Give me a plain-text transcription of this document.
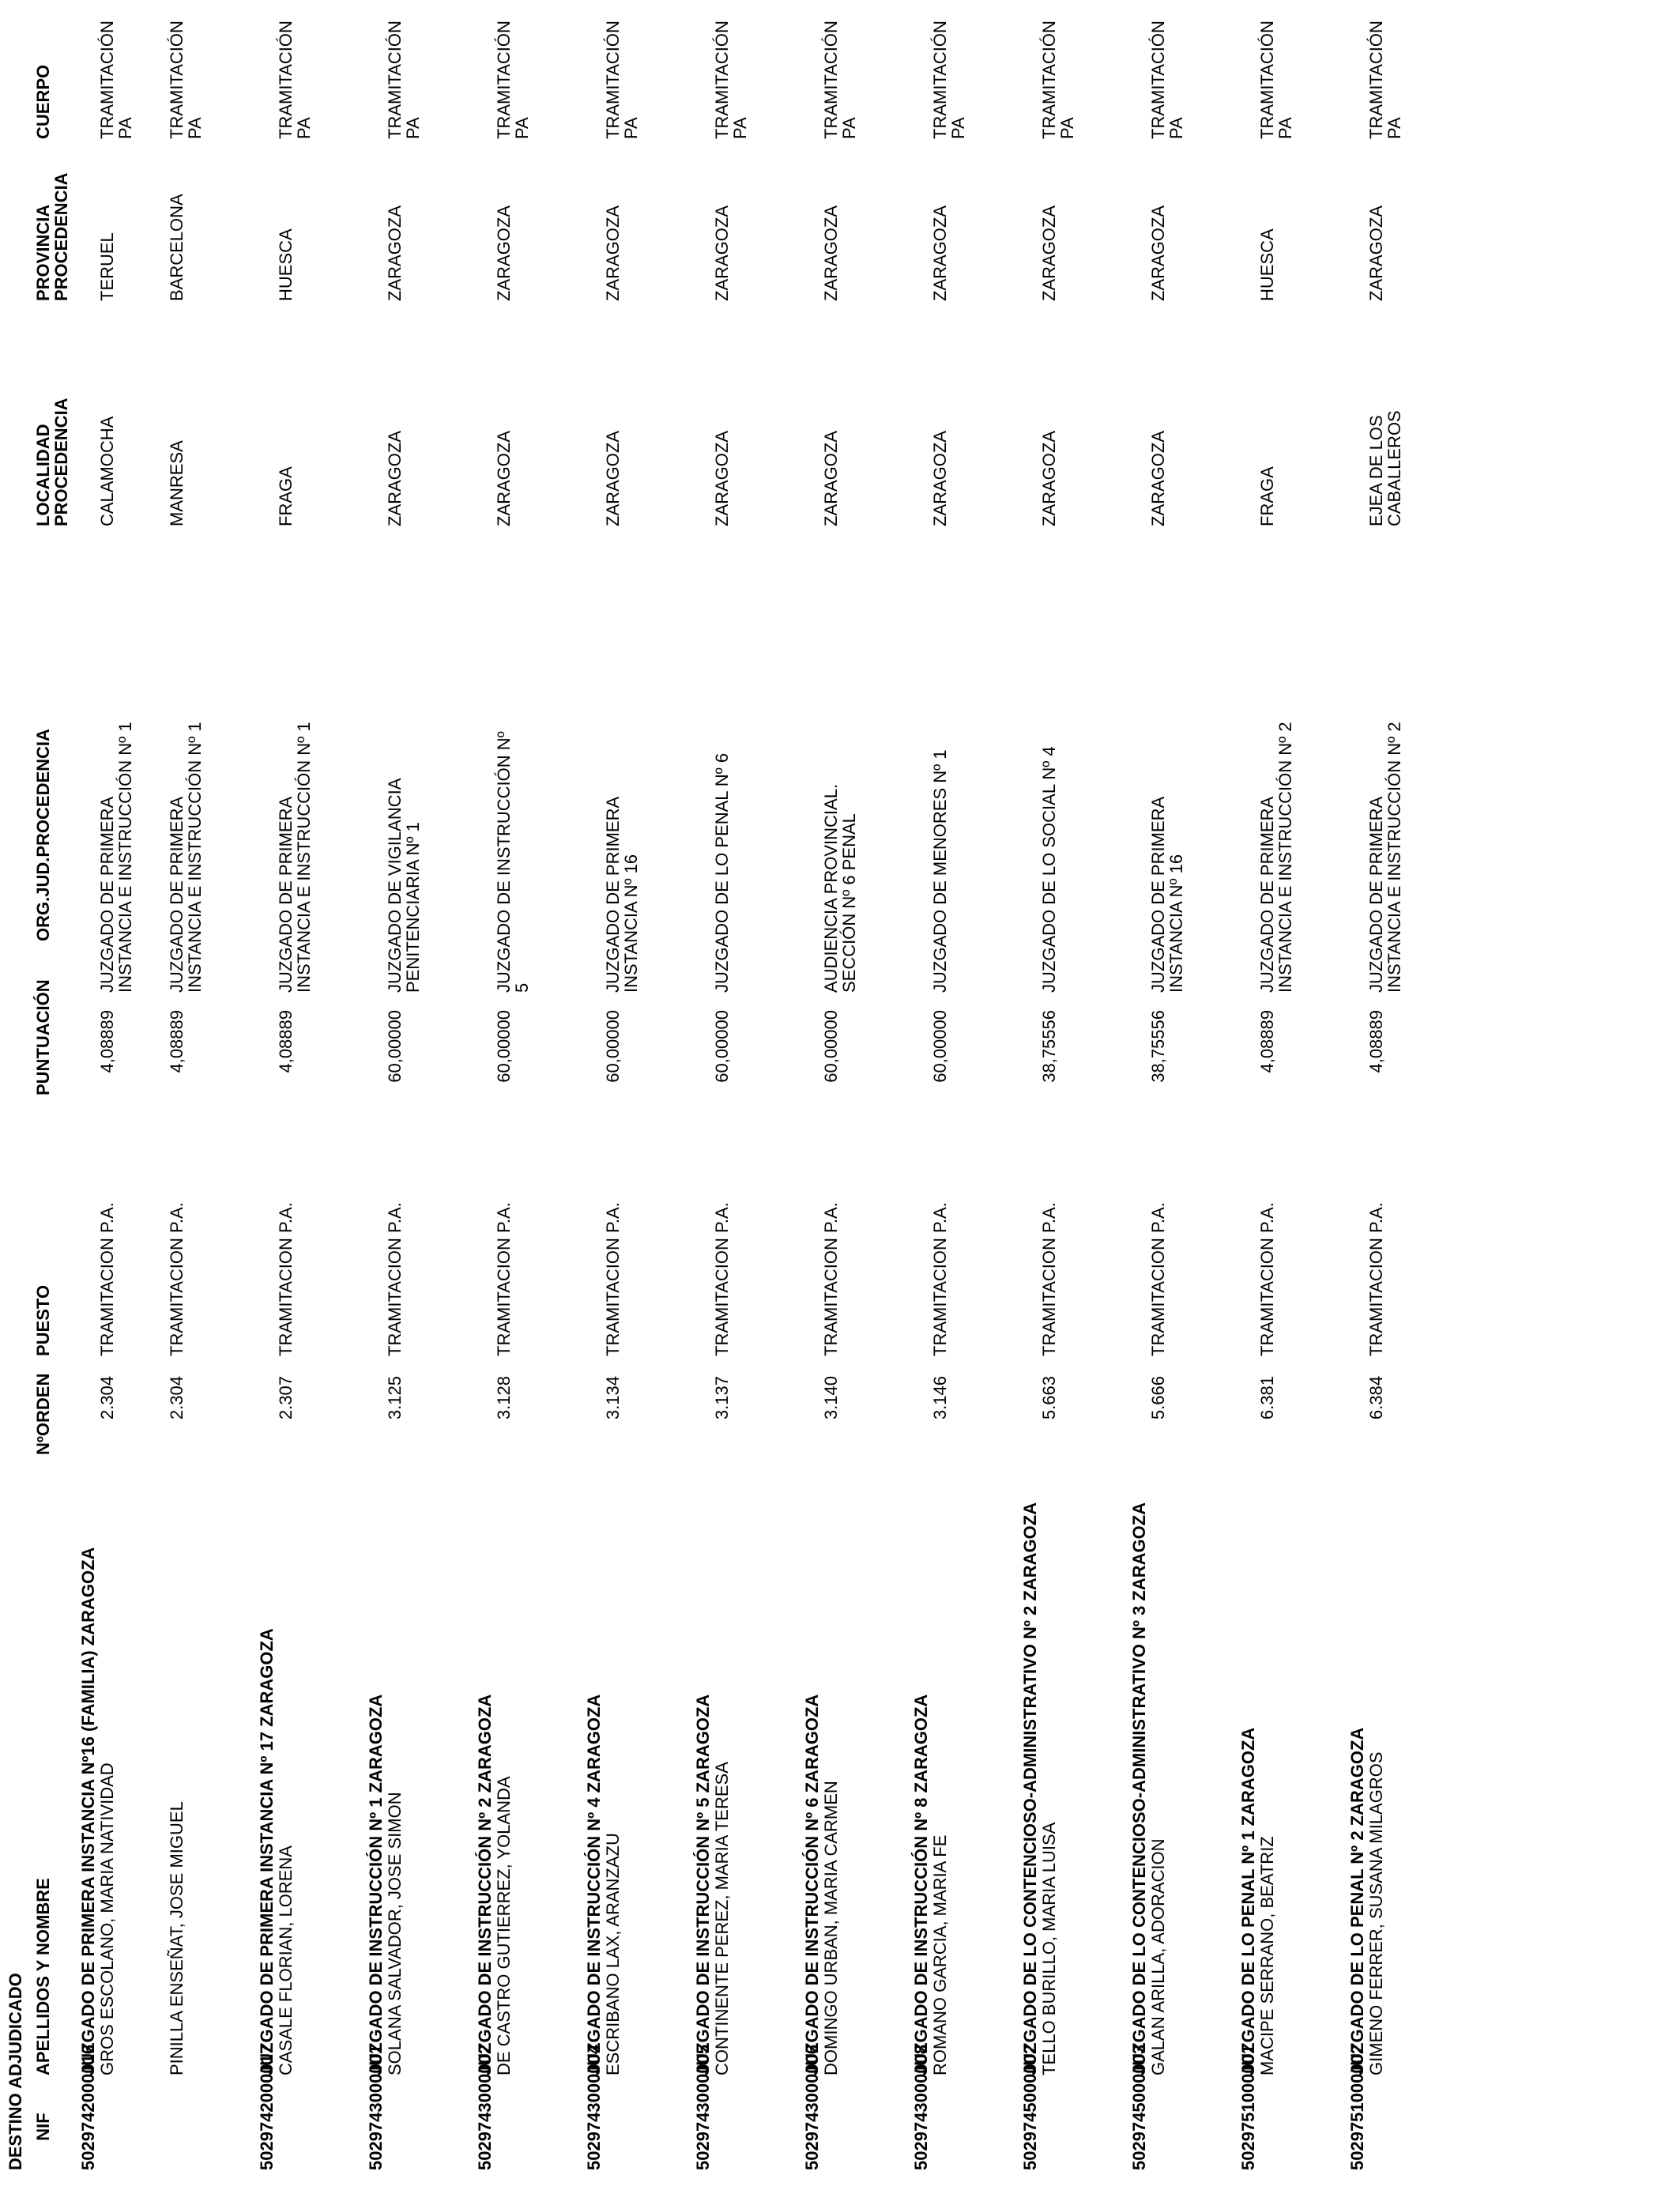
DESTINO ADJUDICADO NIF
APELLIDOS Y NOMBRE
NºORDEN
PUESTO
PUNTUACIÓN
ORG.JUD.PROCEDENCIA
LOCALIDAD
PROCEDENCIA
PROVINCIA
PROCEDENCIA
CUERPO
5029742000016
JUZGADO DE PRIMERA INSTANCIA Nº16 (FAMILIA) ZARAGOZA GROS ESCOLANO, MARIA NATIVIDAD
2.304
TRAMITACION P.A.
4,08889
JUZGADO DE PRIMERA
INSTANCIA E INSTRUCCIÓN Nº 1
CALAMOCHA
TERUEL
TRAMITACIÓN
PA
PINILLA ENSEÑAT, JOSE MIGUEL
2.304
TRAMITACION P.A.
4,08889
JUZGADO DE PRIMERA
INSTANCIA E INSTRUCCIÓN Nº 1
MANRESA
BARCELONA
TRAMITACIÓN
PA
5029742000017
JUZGADO DE PRIMERA INSTANCIA Nº 17 ZARAGOZA CASALE FLORIAN, LORENA
2.307
TRAMITACION P.A.
4,08889
JUZGADO DE PRIMERA
INSTANCIA E INSTRUCCIÓN Nº 1
FRAGA
HUESCA
TRAMITACIÓN
PA
5029743000001
JUZGADO DE INSTRUCCIÓN Nº 1 ZARAGOZA SOLANA SALVADOR, JOSE SIMON
3.125
TRAMITACION P.A.
60,00000
JUZGADO DE VIGILANCIA
PENITENCIARIA Nº 1
ZARAGOZA
ZARAGOZA
TRAMITACIÓN
PA
5029743000002
JUZGADO DE INSTRUCCIÓN Nº 2 ZARAGOZA DE CASTRO GUTIERREZ, YOLANDA
3.128
TRAMITACION P.A.
60,00000
JUZGADO DE INSTRUCCIÓN Nº
5
ZARAGOZA
ZARAGOZA
TRAMITACIÓN
PA
5029743000004
JUZGADO DE INSTRUCCIÓN Nº 4 ZARAGOZA ESCRIBANO LAX, ARANZAZU
3.134
TRAMITACION P.A.
60,00000
JUZGADO DE PRIMERA
INSTANCIA Nº 16
ZARAGOZA
ZARAGOZA
TRAMITACIÓN
PA
5029743000005
JUZGADO DE INSTRUCCIÓN Nº 5 ZARAGOZA CONTINENTE PEREZ, MARIA TERESA
3.137
TRAMITACION P.A.
60,00000
JUZGADO DE LO PENAL Nº 6
ZARAGOZA
ZARAGOZA
TRAMITACIÓN
PA
5029743000006
JUZGADO DE INSTRUCCIÓN Nº 6 ZARAGOZA DOMINGO URBAN, MARIA CARMEN
3.140
TRAMITACION P.A.
60,00000
AUDIENCIA PROVINCIAL.
SECCIÓN Nº 6 PENAL
ZARAGOZA
ZARAGOZA
TRAMITACIÓN
PA
5029743000008
JUZGADO DE INSTRUCCIÓN Nº 8 ZARAGOZA ROMANO GARCIA, MARIA FE
3.146
TRAMITACION P.A.
60,00000
JUZGADO DE MENORES Nº 1
ZARAGOZA
ZARAGOZA
TRAMITACIÓN
PA
5029745000002
JUZGADO DE LO CONTENCIOSO-ADMINISTRATIVO Nº 2 ZARAGOZA TELLO BURILLO, MARIA LUISA
5.663
TRAMITACION P.A.
38,75556
JUZGADO DE LO SOCIAL Nº 4
ZARAGOZA
ZARAGOZA
TRAMITACIÓN
PA
5029745000003
JUZGADO DE LO CONTENCIOSO-ADMINISTRATIVO Nº 3 ZARAGOZA GALAN ARILLA, ADORACION
5.666
TRAMITACION P.A.
38,75556
JUZGADO DE PRIMERA
INSTANCIA Nº 16
ZARAGOZA
ZARAGOZA
TRAMITACIÓN
PA
5029751000001
JUZGADO DE LO PENAL Nº 1 ZARAGOZA MACIPE SERRANO, BEATRIZ
6.381
TRAMITACION P.A.
4,08889
JUZGADO DE PRIMERA
INSTANCIA E INSTRUCCIÓN Nº 2
FRAGA
HUESCA
TRAMITACIÓN
PA
5029751000002
JUZGADO DE LO PENAL Nº 2 ZARAGOZA GIMENO FERRER, SUSANA MILAGROS
6.384
TRAMITACION P.A.
4,08889
JUZGADO DE PRIMERA
INSTANCIA E INSTRUCCIÓN Nº 2
EJEA DE LOS
CABALLEROS
ZARAGOZA
TRAMITACIÓN
PA
